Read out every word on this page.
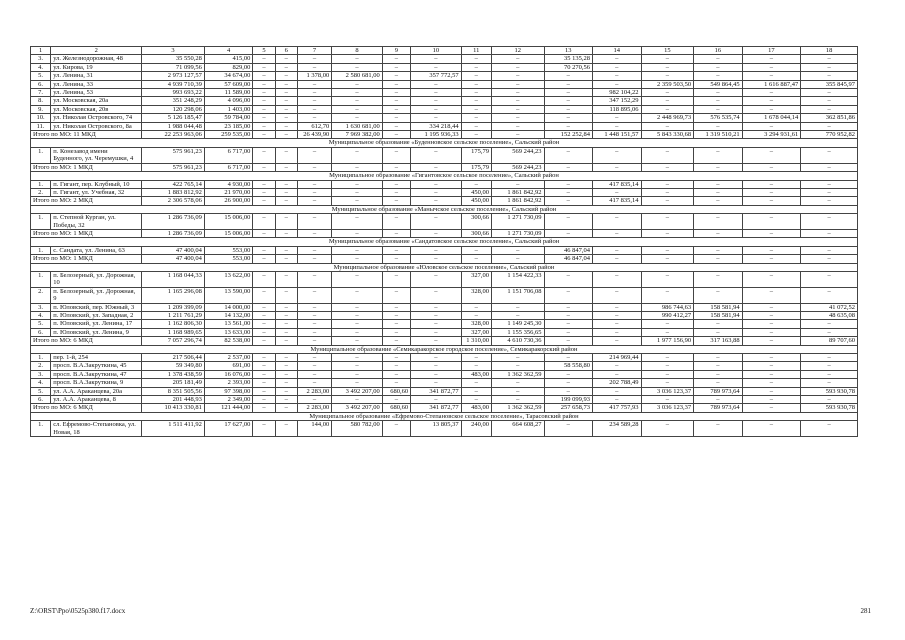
1	2	3	4	5	6	7	8	9	10	11	12	13	14	15	16	17	18
3.	ул. Железнодорожная, 48	35 550,28	415,00	–	–	–	–	–	–	–	–	35 135,28	–	–	–	–	–
4.	ул. Кирова, 19	71 099,56	829,00	–	–	–	–	–	–	–	–	70 270,56	–	–	–	–	–
5.	ул. Ленина, 31	2 973 127,57	34 674,00	–	–	1 378,00	2 580 681,00	–	357 772,57	–	–	–	–	–	–	–	–
6.	ул. Ленина, 33	4 939 710,39	57 609,00	–	–	–	–	–	–	–	–	–	–	2 359 503,50	549 864,45	1 616 887,47	355 845,97
7.	ул. Ленина, 53	993 693,22	11 589,00	–	–	–	–	–	–	–	–	–	982 104,22	–	–	–	–
8.	ул. Московская, 20а	351 248,29	4 096,00	–	–	–	–	–	–	–	–	–	347 152,29	–	–	–	–
9.	ул. Московская, 20в	120 298,06	1 403,00	–	–	–	–	–	–	–	–	–	118 895,06	–	–	–	–
10.	ул. Николая Островского, 74	5 126 185,47	59 784,00	–	–	–	–	–	–	–	–	–	–	2 448 969,73	576 535,74	1 678 044,14	362 851,86
11.	ул. Николая Островского, 8а	1 988 044,48	23 185,00	–	–	612,70	1 630 681,00	–	334 218,44	–	–	–	–	–	–	–	–
Итого по МО: 11 МКД		22 253 963,06	259 535,00	–	–	26 439,90	7 969 382,00	–	1 195 936,33	–	–	152 252,84	1 448 151,57	5 843 330,68	1 319 510,21	3 294 931,61	770 952,82
Муниципальное образование «Буденновское сельское поселение», Сальский район																	
1.	п. Конезавод имени Буденного, ул. Черемушки, 4	575 961,23	6 717,00	–	–	–	–	–	–	175,79	569 244,23	–	–	–	–	–	–
Итого по МО: 1 МКД		575 961,23	6 717,00	–	–	–	–	–	–	175,79	569 244,23	–	–	–	–	–	–
Муниципальное образование «Гигантовское сельское поселение», Сальский район																	
1.	п. Гигант, пер. Клубный, 10	422 765,14	4 930,00	–	–	–	–	–	–	–	–	–	417 835,14	–	–	–	–
2.	п. Гигант, ул. Учебная, 32	1 883 812,92	21 970,00	–	–	–	–	–	–	450,00	1 861 842,92	–	–	–	–	–	–
Итого по МО: 2 МКД		2 306 578,06	26 900,00	–	–	–	–	–	–	450,00	1 861 842,92	–	417 835,14	–	–	–	–
Муниципальное образование «Манычское сельское поселение», Сальский район																	
1.	п. Степной Курган, ул. Победы, 32	1 286 736,09	15 006,00	–	–	–	–	–	–	300,66	1 271 730,09	–	–	–	–	–	–
Итого по МО: 1 МКД		1 286 736,09	15 006,00	–	–	–	–	–	–	300,66	1 271 730,09	–	–	–	–	–	–
Муниципальное образование «Сандатовское сельское поселение», Сальский район																	
1.	с. Сандата, ул. Ленина, 63	47 400,04	553,00	–	–	–	–	–	–	–	–	46 847,04	–	–	–	–	–
Итого по МО: 1 МКД		47 400,04	553,00	–	–	–	–	–	–	–	–	46 847,04	–	–	–	–	–
Муниципальное образование «Юловское сельское поселение», Сальский район																	
1.	п. Белозерный, ул. Дорожная, 10	1 168 044,33	13 622,00	–	–	–	–	–	–	327,00	1 154 422,33	–	–	–	–	–	–
2.	п. Белозерный, ул. Дорожная, 9	1 165 296,08	13 590,00	–	–	–	–	–	–	328,00	1 151 706,08	–	–	–	–	–	–
3.	п. Юловский, пер. Южный, 3	1 209 399,09	14 000,00	–	–	–	–	–	–	–	–	–	–	986 744,63	158 581,94	–	41 072,52
4.	п. Юловский, ул. Западная, 2	1 211 761,29	14 132,00	–	–	–	–	–	–	–	–	–	–	990 412,27	158 581,94	–	48 635,08
5.	п. Юловский, ул. Ленина, 17	1 162 806,30	13 561,00	–	–	–	–	–	–	328,00	1 149 245,30	–	–	–	–	–	–
6.	п. Юловский, ул. Ленина, 9	1 168 989,65	13 633,00	–	–	–	–	–	–	327,00	1 155 356,65	–	–	–	–	–	–
Итого по МО: 6 МКД		7 057 296,74	82 538,00	–	–	–	–	–	–	1 310,00	4 610 730,36	–	–	1 977 156,90	317 163,88	–	89 707,60
Муниципальное образование «Семикаракорское городское поселение», Семикаракорский район																	
1.	пер. 1-й, 254	217 506,44	2 537,00	–	–	–	–	–	–	–	–	–	214 969,44	–	–	–	–
2.	просп. В.А.Закруткина, 45	59 349,80	691,00	–	–	–	–	–	–	–	–	58 558,80	–	–	–	–	–
3.	просп. В.А.Закруткина, 47	1 378 438,59	16 076,00	–	–	–	–	–	–	483,00	1 362 362,59	–	–	–	–	–	–
4.	просп. В.А.Закруткина, 9	205 181,49	2 393,00	–	–	–	–	–	–	–	–	–	202 788,49	–	–	–	–
5.	ул. А.А. Араканцева, 20а	8 351 505,56	97 398,00	–	–	2 283,00	3 492 207,00	680,60	341 872,77	–	–	–	–	3 036 123,37	789 973,64	–	593 930,78
6.	ул. А.А. Араканцева, 8	201 448,93	2 349,00	–	–	–	–	–	–	–	–	199 099,93	–	–	–	–	–
Итого по МО: 6 МКД		10 413 330,81	121 444,00	–	–	2 283,00	3 492 207,00	680,60	341 872,77	483,00	1 362 362,59	257 658,73	417 757,93	3 036 123,37	789 973,64	–	593 930,78
Муниципальное образование «Ефремово-Степановское сельское поселение», Тарасовский район																	
1.	сл. Ефремово-Степановка, ул. Новая, 18	1 511 411,92	17 627,00	–	–	144,00	580 782,00	–	13 805,37	240,00	664 608,27	–	234 589,28	–	–	–	–
Z:\ORST\Ppo\0525p380.f17.docx	281
